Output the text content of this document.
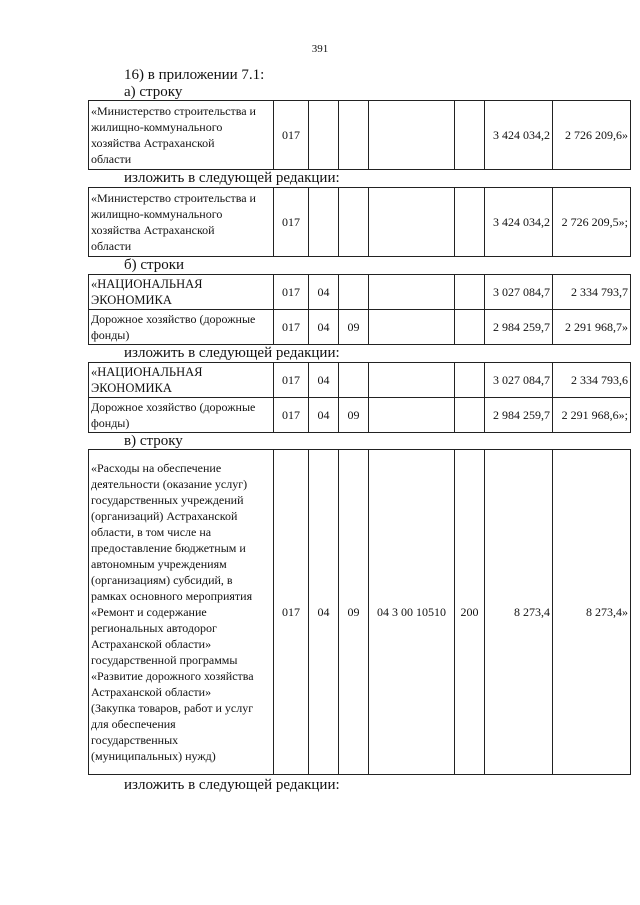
391
16) в приложении 7.1:
а) строку
«Министерство строительства и
жилищно-коммунального
хозяйства Астраханской
области
	017					3 424 034,2	2 726 209,6»
изложить в следующей редакции:
«Министерство строительства и
жилищно-коммунального
хозяйства Астраханской
области
	017					3 424 034,2	2 726 209,5»;
б) строки
«НАЦИОНАЛЬНАЯ
ЭКОНОМИКА	017	04				3 027 084,7	2 334 793,7

Дорожное хозяйство (дорожные
фонды)	017	04	09			2 984 259,7	2 291 968,7»
изложить в следующей редакции:
«НАЦИОНАЛЬНАЯ
ЭКОНОМИКА	017	04				3 027 084,7	2 334 793,6

Дорожное хозяйство (дорожные
фонды)	017	04	09			2 984 259,7	2 291 968,6»;
в) строку
«Расходы на обеспечение
деятельности (оказание услуг)
государственных учреждений
(организаций) Астраханской
области, в том числе на
предоставление бюджетным и
автономным учреждениям
(организациям) субсидий, в
рамках основного мероприятия
«Ремонт и содержание
региональных автодорог
Астраханской области»
государственной программы
«Развитие дорожного хозяйства
Астраханской области»
(Закупка товаров, работ и услуг
для обеспечения
государственных
(муниципальных) нужд)
	017	04	09	04 3 00 10510	200	8 273,4	8 273,4»
изложить в следующей редакции:
